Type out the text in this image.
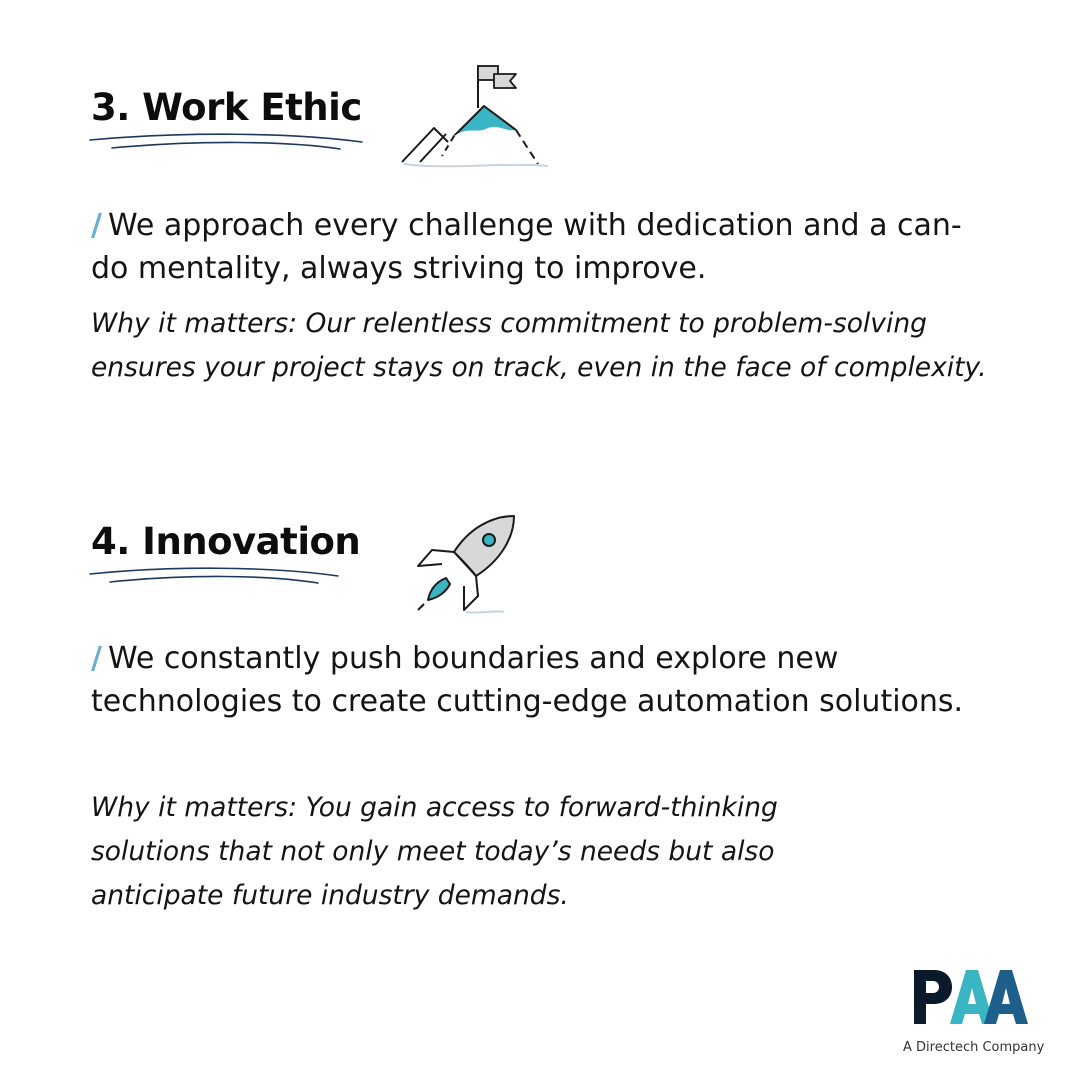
3. Work Ethic

/ We approach every challenge with dedication and a can-do mentality, always striving to improve.

Why it matters: Our relentless commitment to problem-solving ensures your project stays on track, even in the face of complexity.

4. Innovation

/ We constantly push boundaries and explore new technologies to create cutting-edge automation solutions.

Why it matters: You gain access to forward-thinking solutions that not only meet today’s needs but also anticipate future industry demands.

A Directech Company
